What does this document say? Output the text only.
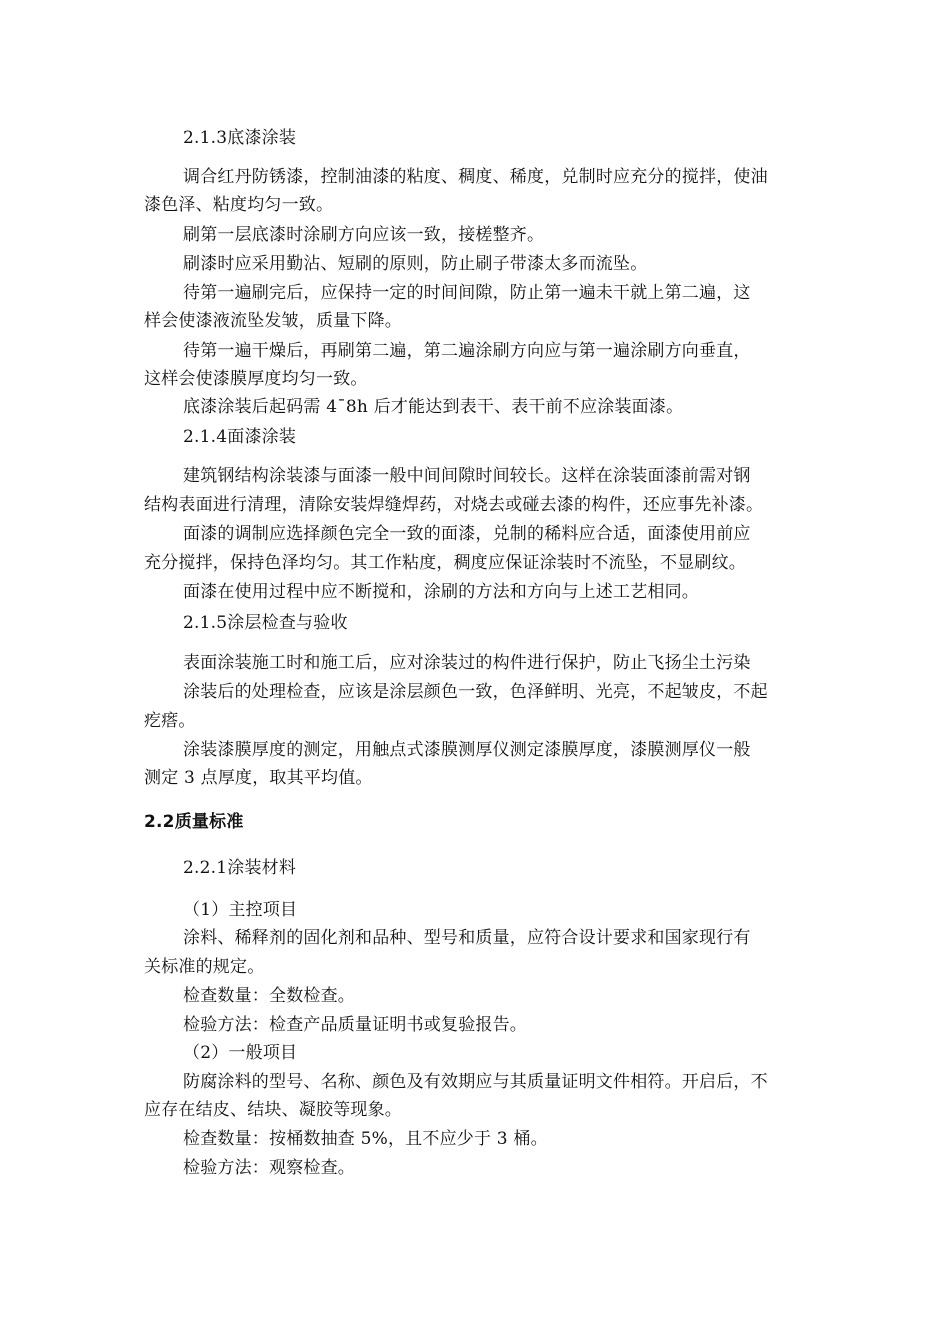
2.1.3底漆涂装
调合红丹防锈漆，控制油漆的粘度、稠度、稀度，兑制时应充分的搅拌，使油
漆色泽、粘度均匀一致。
刷第一层底漆时涂刷方向应该一致，接槎整齐。
刷漆时应采用勤沾、短刷的原则，防止刷子带漆太多而流坠。
待第一遍刷完后，应保持一定的时间间隙，防止第一遍未干就上第二遍，这
样会使漆液流坠发皱，质量下降。
待第一遍干燥后，再刷第二遍，第二遍涂刷方向应与第一遍涂刷方向垂直，
这样会使漆膜厚度均匀一致。
底漆涂装后起码需 4¯8h 后才能达到表干、表干前不应涂装面漆。
2.1.4面漆涂装
建筑钢结构涂装漆与面漆一般中间间隙时间较长。这样在涂装面漆前需对钢
结构表面进行清理，清除安装焊缝焊药，对烧去或碰去漆的构件，还应事先补漆。
面漆的调制应选择颜色完全一致的面漆，兑制的稀料应合适，面漆使用前应
充分搅拌，保持色泽均匀。其工作粘度，稠度应保证涂装时不流坠，不显刷纹。
面漆在使用过程中应不断搅和，涂刷的方法和方向与上述工艺相同。
2.1.5涂层检查与验收
表面涂装施工时和施工后，应对涂装过的构件进行保护，防止飞扬尘土污染
涂装后的处理检查，应该是涂层颜色一致，色泽鲜明、光亮，不起皱皮，不起
疙瘩。
涂装漆膜厚度的测定，用触点式漆膜测厚仪测定漆膜厚度，漆膜测厚仪一般
测定 3 点厚度，取其平均值。
2.2质量标准
2.2.1涂装材料
（1）主控项目
涂料、稀释剂的固化剂和品种、型号和质量，应符合设计要求和国家现行有
关标准的规定。
检查数量：全数检查。
检验方法：检查产品质量证明书或复验报告。
（2）一般项目
防腐涂料的型号、名称、颜色及有效期应与其质量证明文件相符。开启后，不
应存在结皮、结块、凝胶等现象。
检查数量：按桶数抽查 5%，且不应少于 3 桶。
检验方法：观察检查。
